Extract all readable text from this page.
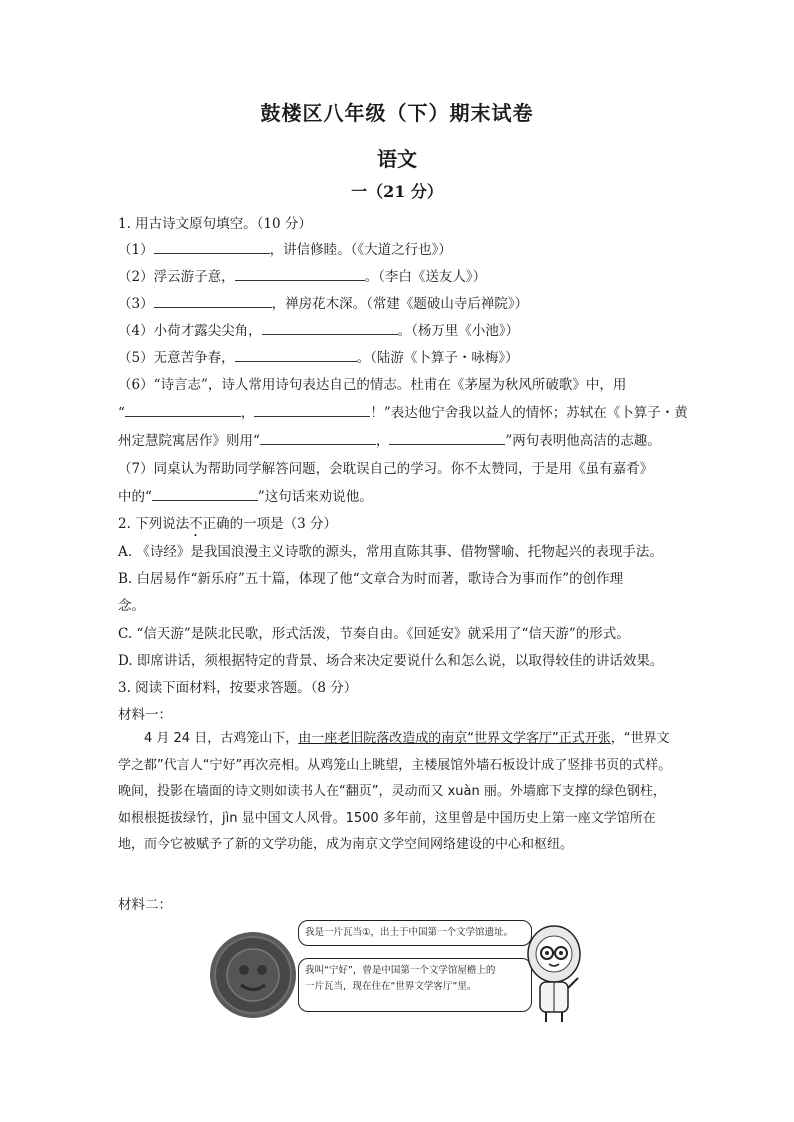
鼓楼区八年级（下）期末试卷
语文
一（21 分）
1. 用古诗文原句填空。（10 分）
（1）	，讲信修睦。（《大道之行也》）
（2）浮云游子意，	。（李白《送友人》）
（3）	，禅房花木深。（常建《题破山寺后禅院》）
（4）小荷才露尖尖角，	。（杨万里《小池》）
（5）无意苦争春，	。（陆游《卜算子・咏梅》）
（6）“诗言志”，诗人常用诗句表达自己的情志。杜甫在《茅屋为秋风所破歌》中，用
“	，	！”表达他宁舍我以益人的情怀；苏轼在《卜算子・黄
州定慧院寓居作》则用“	，	”两句表明他高洁的志趣。
（7）同桌认为帮助同学解答问题，会耽误自己的学习。你不太赞同，于是用《虽有嘉肴》
中的“	”这句话来劝说他。
2. 下列说法不正确的一项是（3 分）
A. 《诗经》是我国浪漫主义诗歌的源头，常用直陈其事、借物譬喻、托物起兴的表现手法。
B. 白居易作“新乐府”五十篇，体现了他“文章合为时而著，歌诗合为事而作”的创作理
念。
C. “信天游”是陕北民歌，形式活泼，节奏自由。《回延安》就采用了“信天游”的形式。
D. 即席讲话，须根据特定的背景、场合来决定要说什么和怎么说，以取得较佳的讲话效果。
3. 阅读下面材料，按要求答题。（8 分）
材料一：
4 月 24 日，古鸡笼山下，由一座老旧院落改造成的南京“世界文学客厅”正式开张，“世界文学之都”代言人“宁好”再次亮相。从鸡笼山上眺望，主楼展馆外墙石板设计成了竖排书页的式样。晚间，投影在墙面的诗文则如读书人在“翻页”，灵动而又 xuàn 丽。外墙廊下支撑的绿色钢柱，如根根挺拔绿竹，jìn 显中国文人风骨。1500 多年前，这里曾是中国历史上第一座文学馆所在地，而今它被赋予了新的文学功能，成为南京文学空间网络建设的中心和枢纽。
材料二：
我是一片瓦当①，出土于中国第一个文学馆遗址。
我叫“宁好”，曾是中国第一个文学馆屋檐上的
一片瓦当，现在住在“世界文学客厅”里。
